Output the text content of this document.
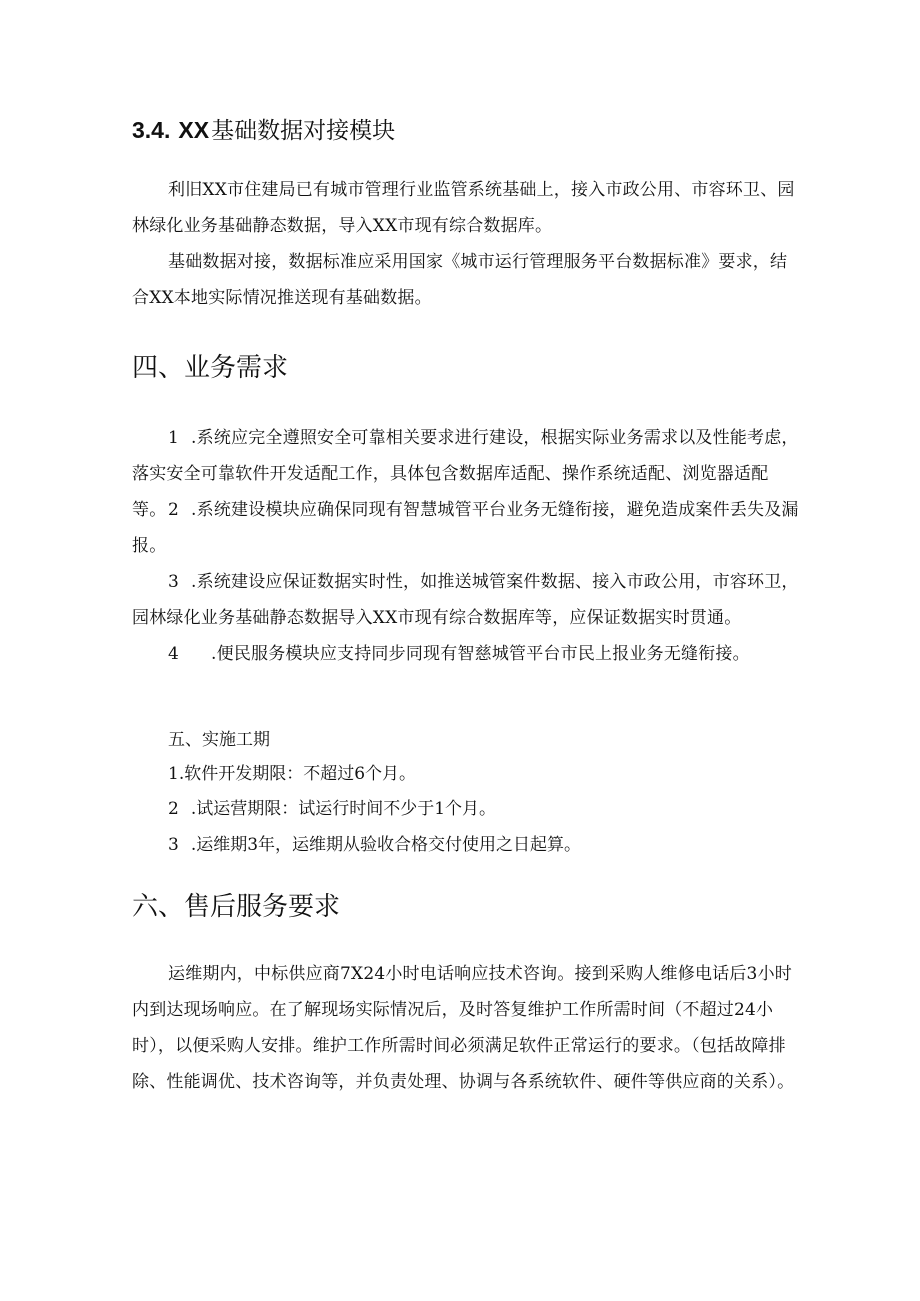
3.4. XX基础数据对接模块
利旧XX市住建局已有城市管理行业监管系统基础上，接入市政公用、市容环卫、园林绿化业务基础静态数据，导入XX市现有综合数据库。
基础数据对接，数据标准应采用国家《城市运行管理服务平台数据标准》要求，结合XX本地实际情况推送现有基础数据。
四、业务需求
1 .系统应完全遵照安全可靠相关要求进行建设，根据实际业务需求以及性能考虑，落实安全可靠软件开发适配工作，具体包含数据库适配、操作系统适配、浏览器适配等。 2 .系统建设模块应确保同现有智慧城管平台业务无缝衔接，避免造成案件丢失及漏报。
3 .系统建设应保证数据实时性，如推送城管案件数据、接入市政公用，市容环卫，园林绿化业务基础静态数据导入XX市现有综合数据库等，应保证数据实时贯通。
4 .便民服务模块应支持同步同现有智慈城管平台市民上报业务无缝衔接。
五、实施工期
1.软件开发期限：不超过6个月。
2 .试运营期限：试运行时间不少于1个月。
3 .运维期3年，运维期从验收合格交付使用之日起算。
六、售后服务要求
运维期内，中标供应商7X24小时电话响应技术咨询。接到采购人维修电话后3小时内到达现场响应。在了解现场实际情况后，及时答复维护工作所需时间（不超过24小时），以便采购人安排。维护工作所需时间必须满足软件正常运行的要求。（包括故障排除、性能调优、技术咨询等，并负责处理、协调与各系统软件、硬件等供应商的关系）。
